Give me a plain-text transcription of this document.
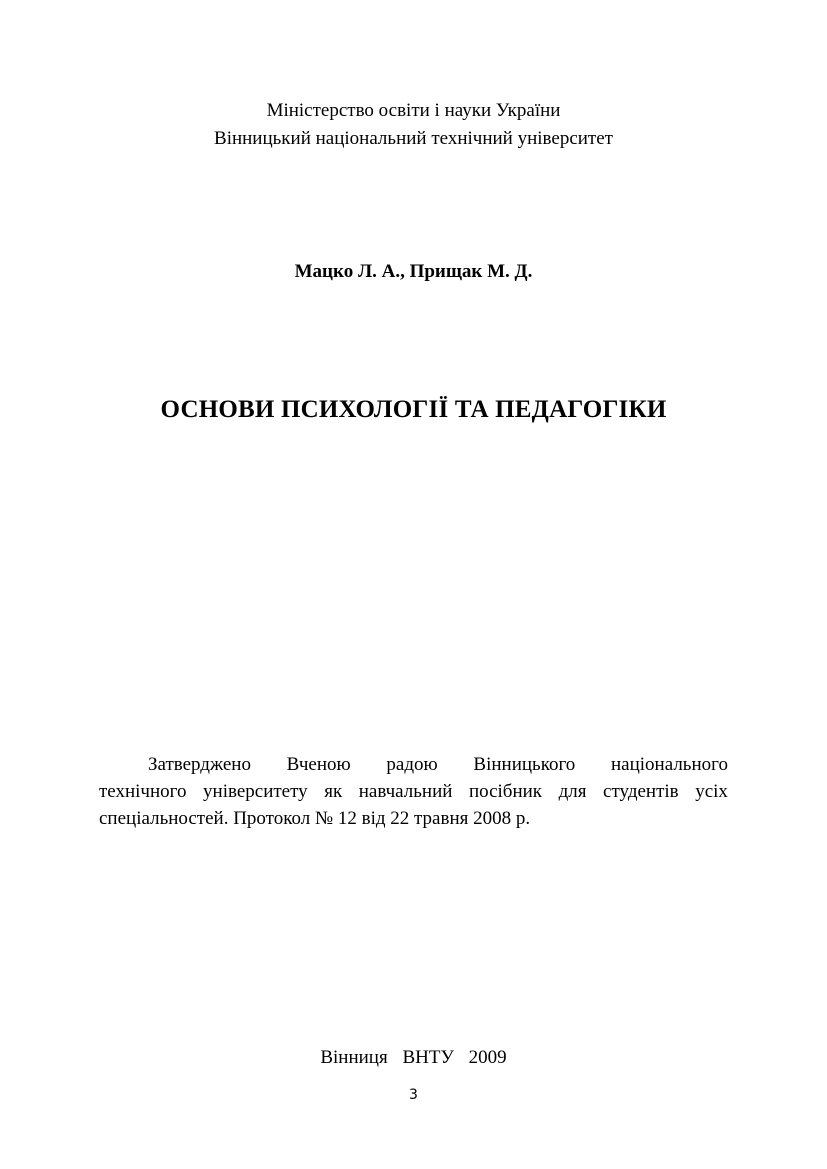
Міністерство освіти і науки України
Вінницький національний технічний університет
Мацко Л. А., Прищак М. Д.
ОСНОВИ ПСИХОЛОГІЇ ТА ПЕДАГОГІКИ
Затверджено Вченою радою Вінницького національного
технічного університету як навчальний посібник для студентів усіх
спеціальностей. Протокол № 12 від 22 травня 2008 р.
Вінниця ВНТУ 2009
3
